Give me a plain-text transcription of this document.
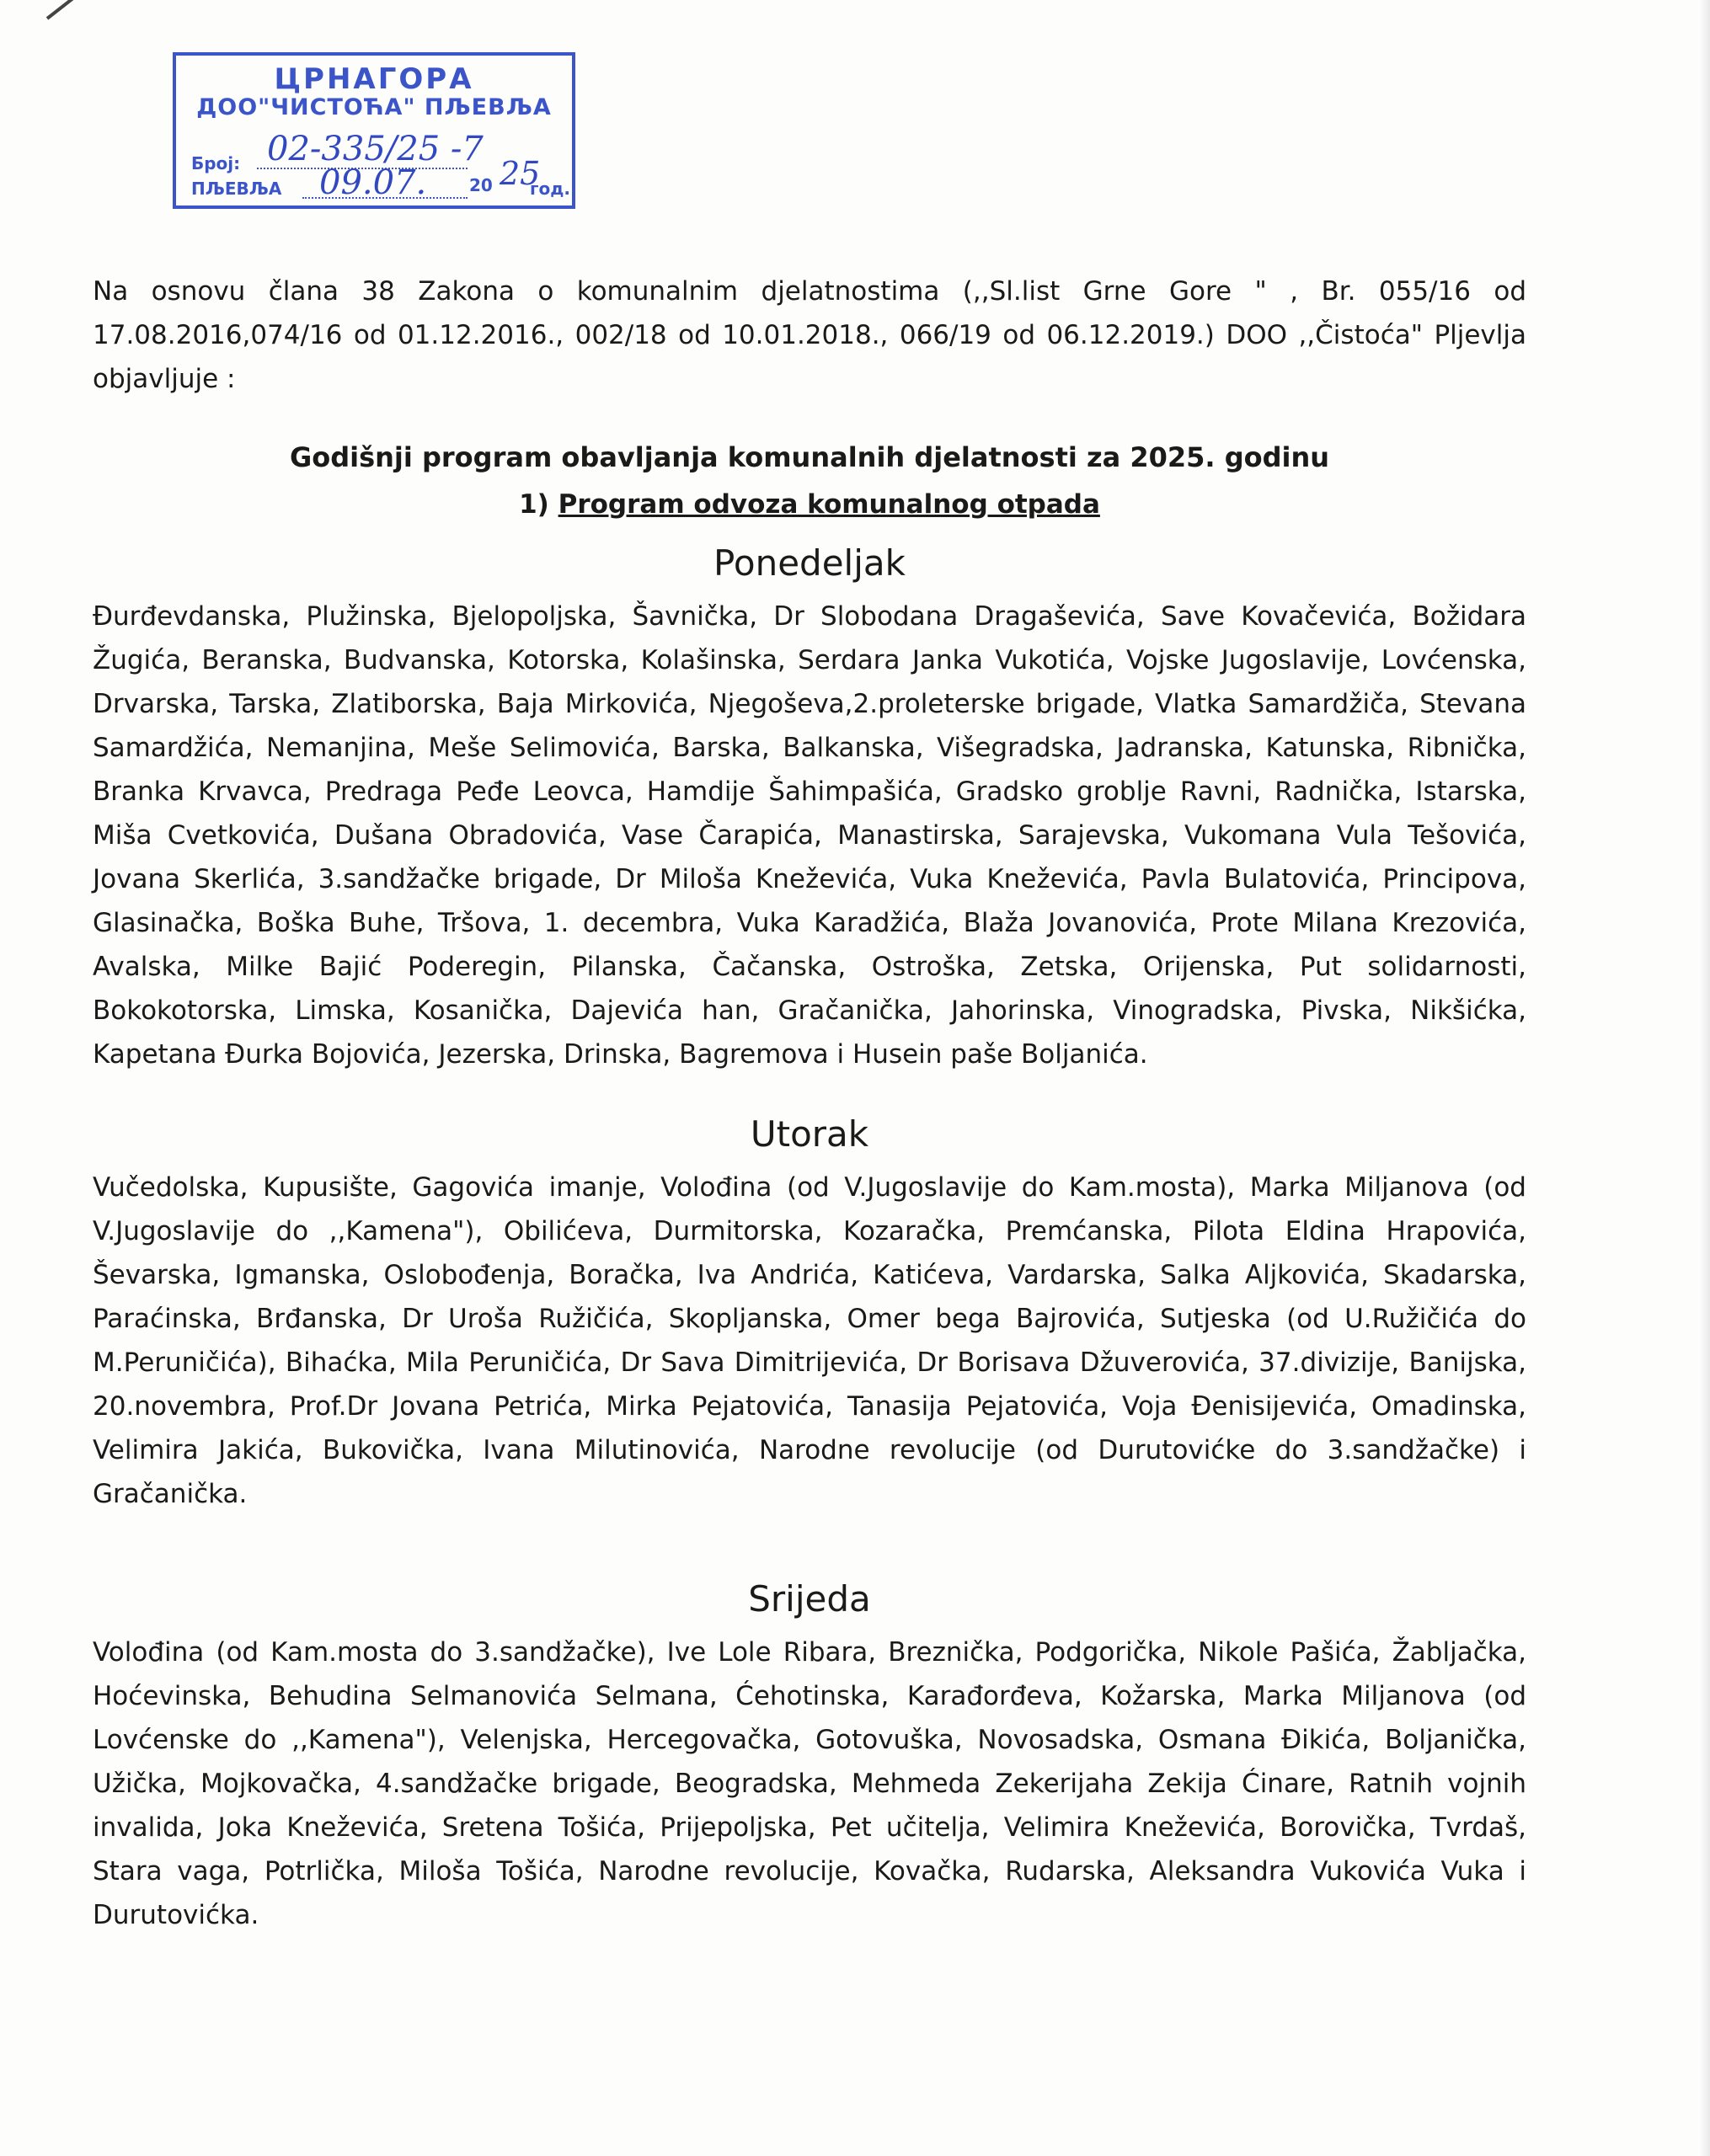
ЦРНАГОРА
ДОО"ЧИСТОЋА" ПЉЕВЉА
Број: 02-335/25 -7
ПЉЕВЉА 09.07.	20 25
год.

Na osnovu člana 38 Zakona o komunalnim djelatnostima (,,Sl.list Grne Gore " , Br. 055/16 od 17.08.2016,074/16 od 01.12.2016., 002/18 od 10.01.2018., 066/19 od 06.12.2019.) DOO ,,Čistoća" Pljevlja objavljuje :

Godišnji program obavljanja komunalnih djelatnosti za 2025. godinu
1) Program odvoza komunalnog otpada
Ponedeljak

Đurđevdanska, Plužinska, Bjelopoljska, Šavnička, Dr Slobodana Dragaševića, Save Kovačevića, Božidara Žugića, Beranska, Budvanska, Kotorska, Kolašinska, Serdara Janka Vukotića, Vojske Jugoslavije, Lovćenska, Drvarska, Tarska, Zlatiborska, Baja Mirkovića, Njegoševa,2.proleterske brigade, Vlatka Samardžiča, Stevana Samardžića, Nemanjina, Meše Selimovića, Barska, Balkanska, Višegradska, Jadranska, Katunska, Ribnička, Branka Krvavca, Predraga Peđe Leovca, Hamdije Šahimpašića, Gradsko groblje Ravni, Radnička, Istarska, Miša Cvetkovića, Dušana Obradovića, Vase Čarapića, Manastirska, Sarajevska, Vukomana Vula Tešovića, Jovana Skerlića, 3.sandžačke brigade, Dr Miloša Kneževića, Vuka Kneževića, Pavla Bulatovića, Principova, Glasinačka, Boška Buhe, Tršova, 1. decembra, Vuka Karadžića, Blaža Jovanovića, Prote Milana Krezovića, Avalska, Milke Bajić Poderegin, Pilanska, Čačanska, Ostroška, Zetska, Orijenska, Put solidarnosti, Bokokotorska, Limska, Kosanička, Dajevića han, Gračanička, Jahorinska, Vinogradska, Pivska, Nikšićka, Kapetana Đurka Bojovića, Jezerska, Drinska, Bagremova i Husein paše Boljanića.

Utorak

Vučedolska, Kupusište, Gagovića imanje, Volođina (od V.Jugoslavije do Kam.mosta), Marka Miljanova (od V.Jugoslavije do ,,Kamena"), Obilićeva, Durmitorska, Kozaračka, Premćanska, Pilota Eldina Hrapovića, Ševarska, Igmanska, Oslobođenja, Boračka, Iva Andrića, Katićeva, Vardarska, Salka Aljkovića, Skadarska, Paraćinska, Brđanska, Dr Uroša Ružičića, Skopljanska, Omer bega Bajrovića, Sutjeska (od U.Ružičića do M.Peruničića), Bihaćka, Mila Peruničića, Dr Sava Dimitrijevića, Dr Borisava Džuverovića, 37.divizije, Banijska, 20.novembra, Prof.Dr Jovana Petrića, Mirka Pejatovića, Tanasija Pejatovića, Voja Đenisijevića, Omadinska, Velimira Jakića, Bukovička, Ivana Milutinovića, Narodne revolucije (od Durutovićke do 3.sandžačke) i Gračanička.

Srijeda

Volođina (od Kam.mosta do 3.sandžačke), Ive Lole Ribara, Breznička, Podgorička, Nikole Pašića, Žabljačka, Hoćevinska, Behudina Selmanovića Selmana, Ćehotinska, Karađorđeva, Kožarska, Marka Miljanova (od Lovćenske do ,,Kamena"), Velenjska, Hercegovačka, Gotovuška, Novosadska, Osmana Đikića, Boljanička, Užička, Mojkovačka, 4.sandžačke brigade, Beogradska, Mehmeda Zekerijaha Zekija Ćinare, Ratnih vojnih invalida, Joka Kneževića, Sretena Tošića, Prijepoljska, Pet učitelja, Velimira Kneževića, Borovička, Tvrdaš, Stara vaga, Potrlička, Miloša Tošića, Narodne revolucije, Kovačka, Rudarska, Aleksandra Vukovića Vuka i Durutovićka.
